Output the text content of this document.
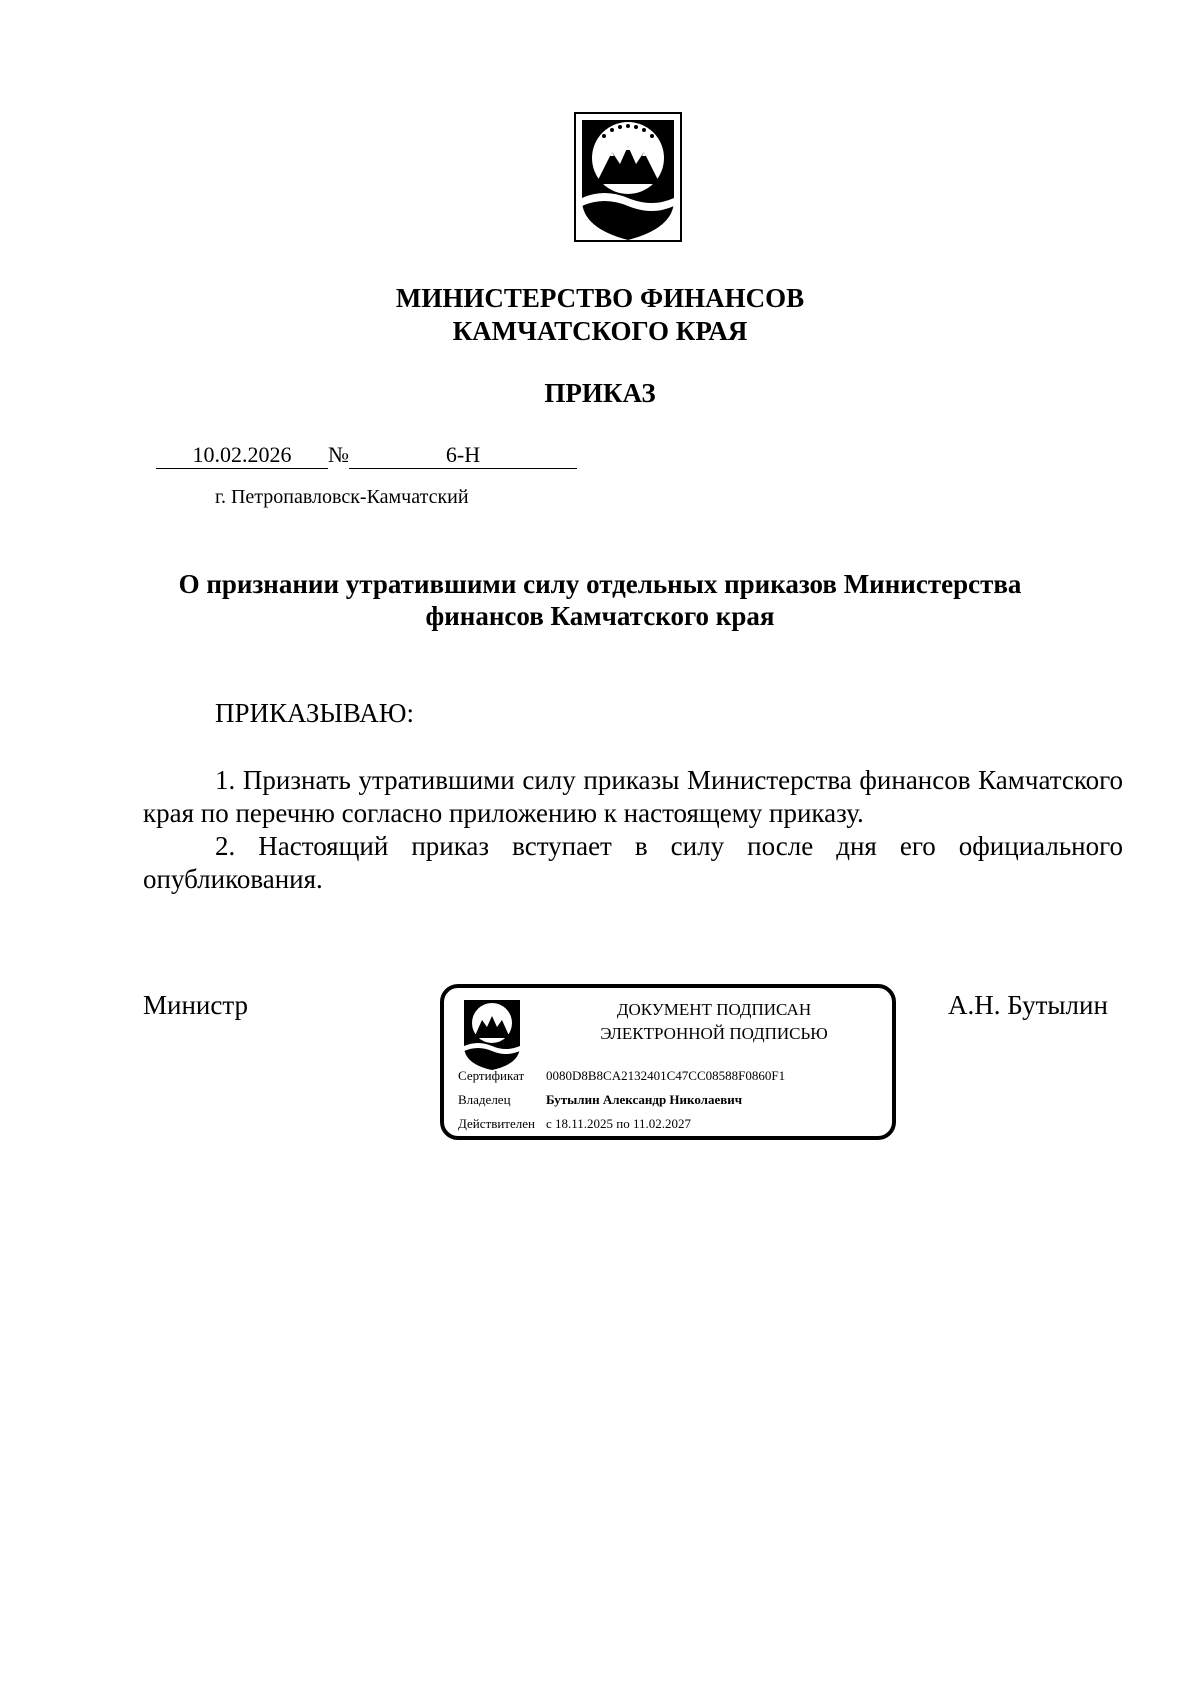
МИНИСТЕРСТВО ФИНАНСОВ
КАМЧАТСКОГО КРАЯ
ПРИКАЗ
10.02.2026 №	6-Н
г. Петропавловск-Камчатский
О признании утратившими силу отдельных приказов Министерства
финансов Камчатского края
ПРИКАЗЫВАЮ:
1. Признать утратившими силу приказы Министерства финансов Камчатского края по перечню согласно приложению к настоящему приказу.
2. Настоящий приказ вступает в силу после дня его официального опубликования.
Министр	А.Н. Бутылин
ДОКУМЕНТ ПОДПИСАН
ЭЛЕКТРОННОЙ ПОДПИСЬЮ
Сертификат 0080D8B8CA2132401C47CC08588F0860F1
Владелец	Бутылин Александр Николаевич
Действителен с 18.11.2025 по 11.02.2027
